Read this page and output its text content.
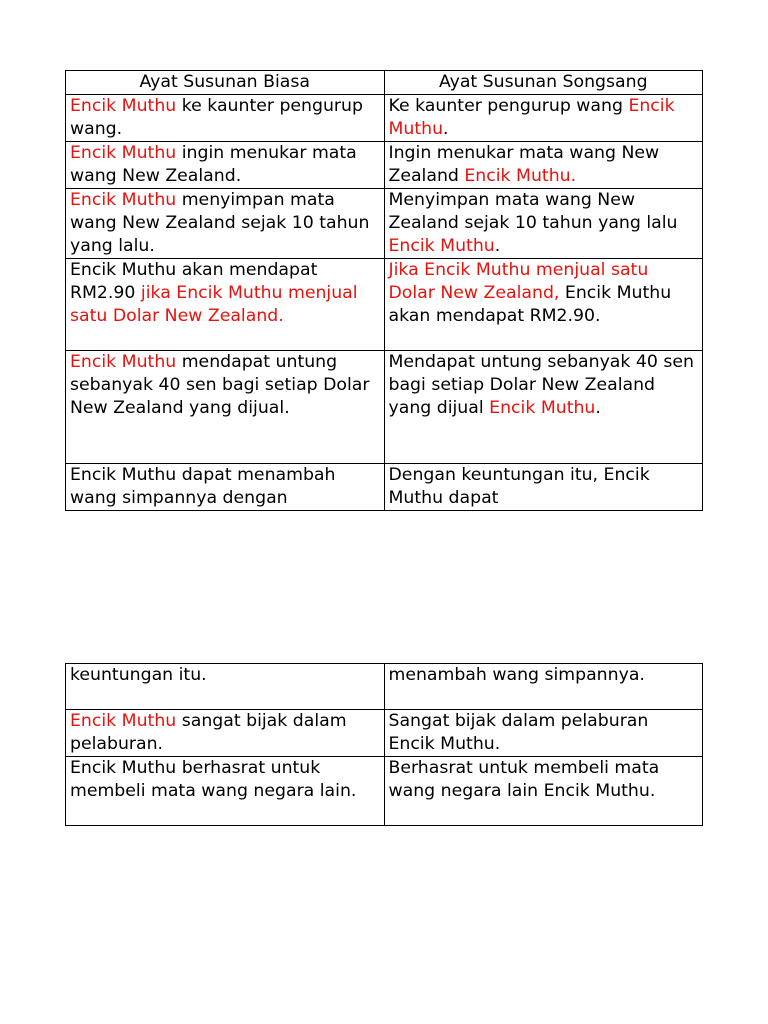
Ayat Susunan Biasa	Ayat Susunan Songsang
Encik Muthu ke kaunter pengurup wang.	Ke kaunter pengurup wang Encik Muthu.
Encik Muthu ingin menukar mata wang New Zealand.	Ingin menukar mata wang New Zealand Encik Muthu.
Encik Muthu menyimpan mata wang New Zealand sejak 10 tahun yang lalu.	Menyimpan mata wang New Zealand sejak 10 tahun yang lalu Encik Muthu.
Encik Muthu akan mendapat RM2.90 jika Encik Muthu menjual satu Dolar New Zealand.	Jika Encik Muthu menjual satu Dolar New Zealand, Encik Muthu akan mendapat RM2.90.
Encik Muthu mendapat untung sebanyak 40 sen bagi setiap Dolar New Zealand yang dijual.	Mendapat untung sebanyak 40 sen bagi setiap Dolar New Zealand yang dijual Encik Muthu.
Encik Muthu dapat menambah wang simpannya dengan	Dengan keuntungan itu, Encik Muthu dapat
keuntungan itu.	menambah wang simpannya.
Encik Muthu sangat bijak dalam pelaburan.	Sangat bijak dalam pelaburan Encik Muthu.
Encik Muthu berhasrat untuk membeli mata wang negara lain.	Berhasrat untuk membeli mata wang negara lain Encik Muthu.
